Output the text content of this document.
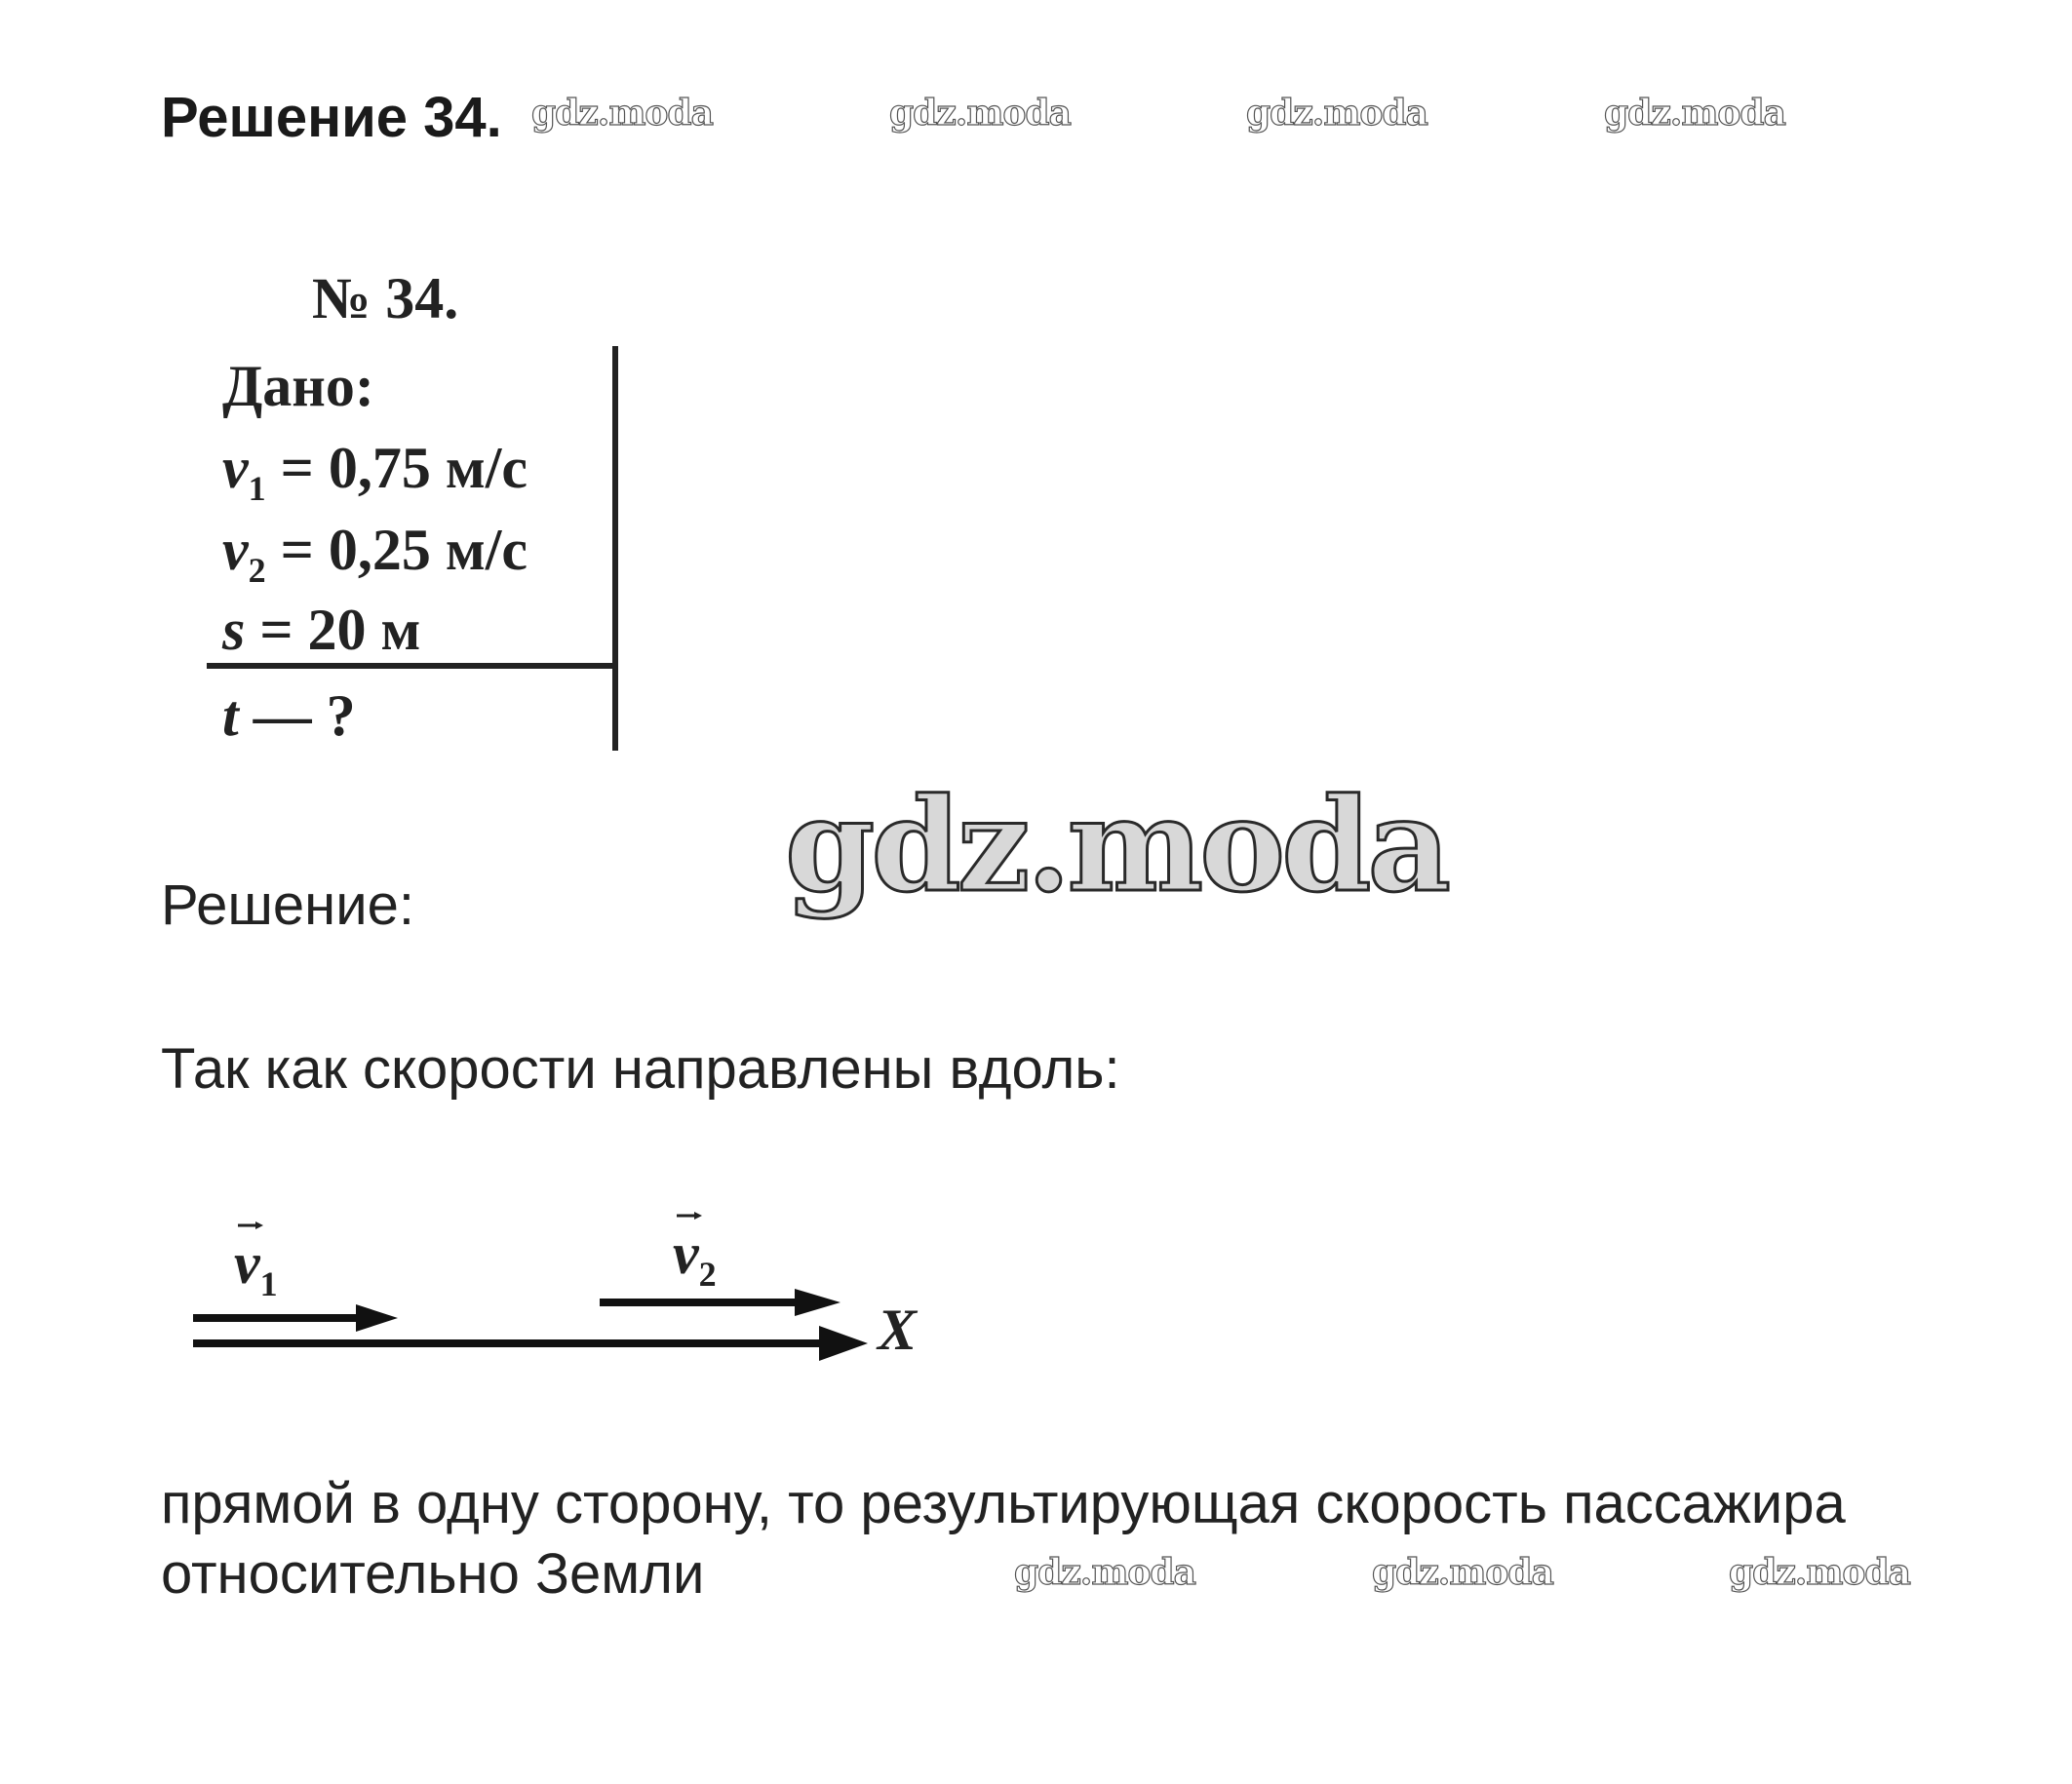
Решение 34. gdz.moda	gdz.moda	gdz.moda	gdz.moda
№ 34.
Дано:
$v_1 = 0,75$ м/с
$v_2 = 0,25$ м/с
s = 20 м
t — ?
gdz.moda
Решение:
Так как скорости направлены вдоль:
$v_1$	$v_2$
X
прямой в одну сторону, то результирующая скорость пассажира
относительно Земли	gdz.moda	gdz.moda	gdz.moda
